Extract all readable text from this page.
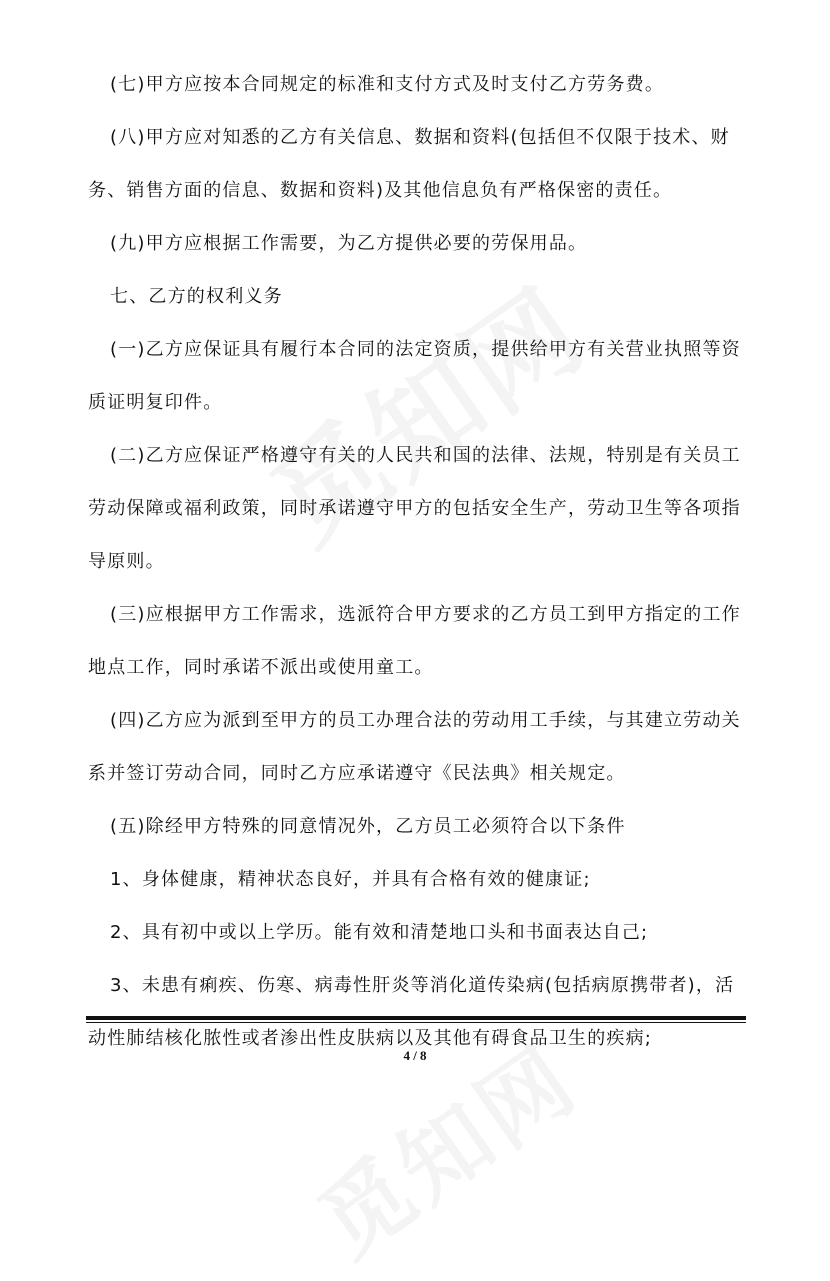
(七)甲方应按本合同规定的标准和支付方式及时支付乙方劳务费。

(八)甲方应对知悉的乙方有关信息、数据和资料(包括但不仅限于技术、财务、销售方面的信息、数据和资料)及其他信息负有严格保密的责任。

(九)甲方应根据工作需要，为乙方提供必要的劳保用品。

七、乙方的权利义务

(一)乙方应保证具有履行本合同的法定资质，提供给甲方有关营业执照等资质证明复印件。

(二)乙方应保证严格遵守有关的人民共和国的法律、法规，特别是有关员工劳动保障或福利政策，同时承诺遵守甲方的包括安全生产，劳动卫生等各项指导原则。

(三)应根据甲方工作需求，选派符合甲方要求的乙方员工到甲方指定的工作地点工作，同时承诺不派出或使用童工。

(四)乙方应为派到至甲方的员工办理合法的劳动用工手续，与其建立劳动关系并签订劳动合同，同时乙方应承诺遵守《民法典》相关规定。

(五)除经甲方特殊的同意情况外，乙方员工必须符合以下条件

1、身体健康，精神状态良好，并具有合格有效的健康证;

2、具有初中或以上学历。能有效和清楚地口头和书面表达自己;

3、未患有痢疾、伤寒、病毒性肝炎等消化道传染病(包括病原携带者)，活动性肺结核化脓性或者渗出性皮肤病以及其他有碍食品卫生的疾病;

4 / 8
